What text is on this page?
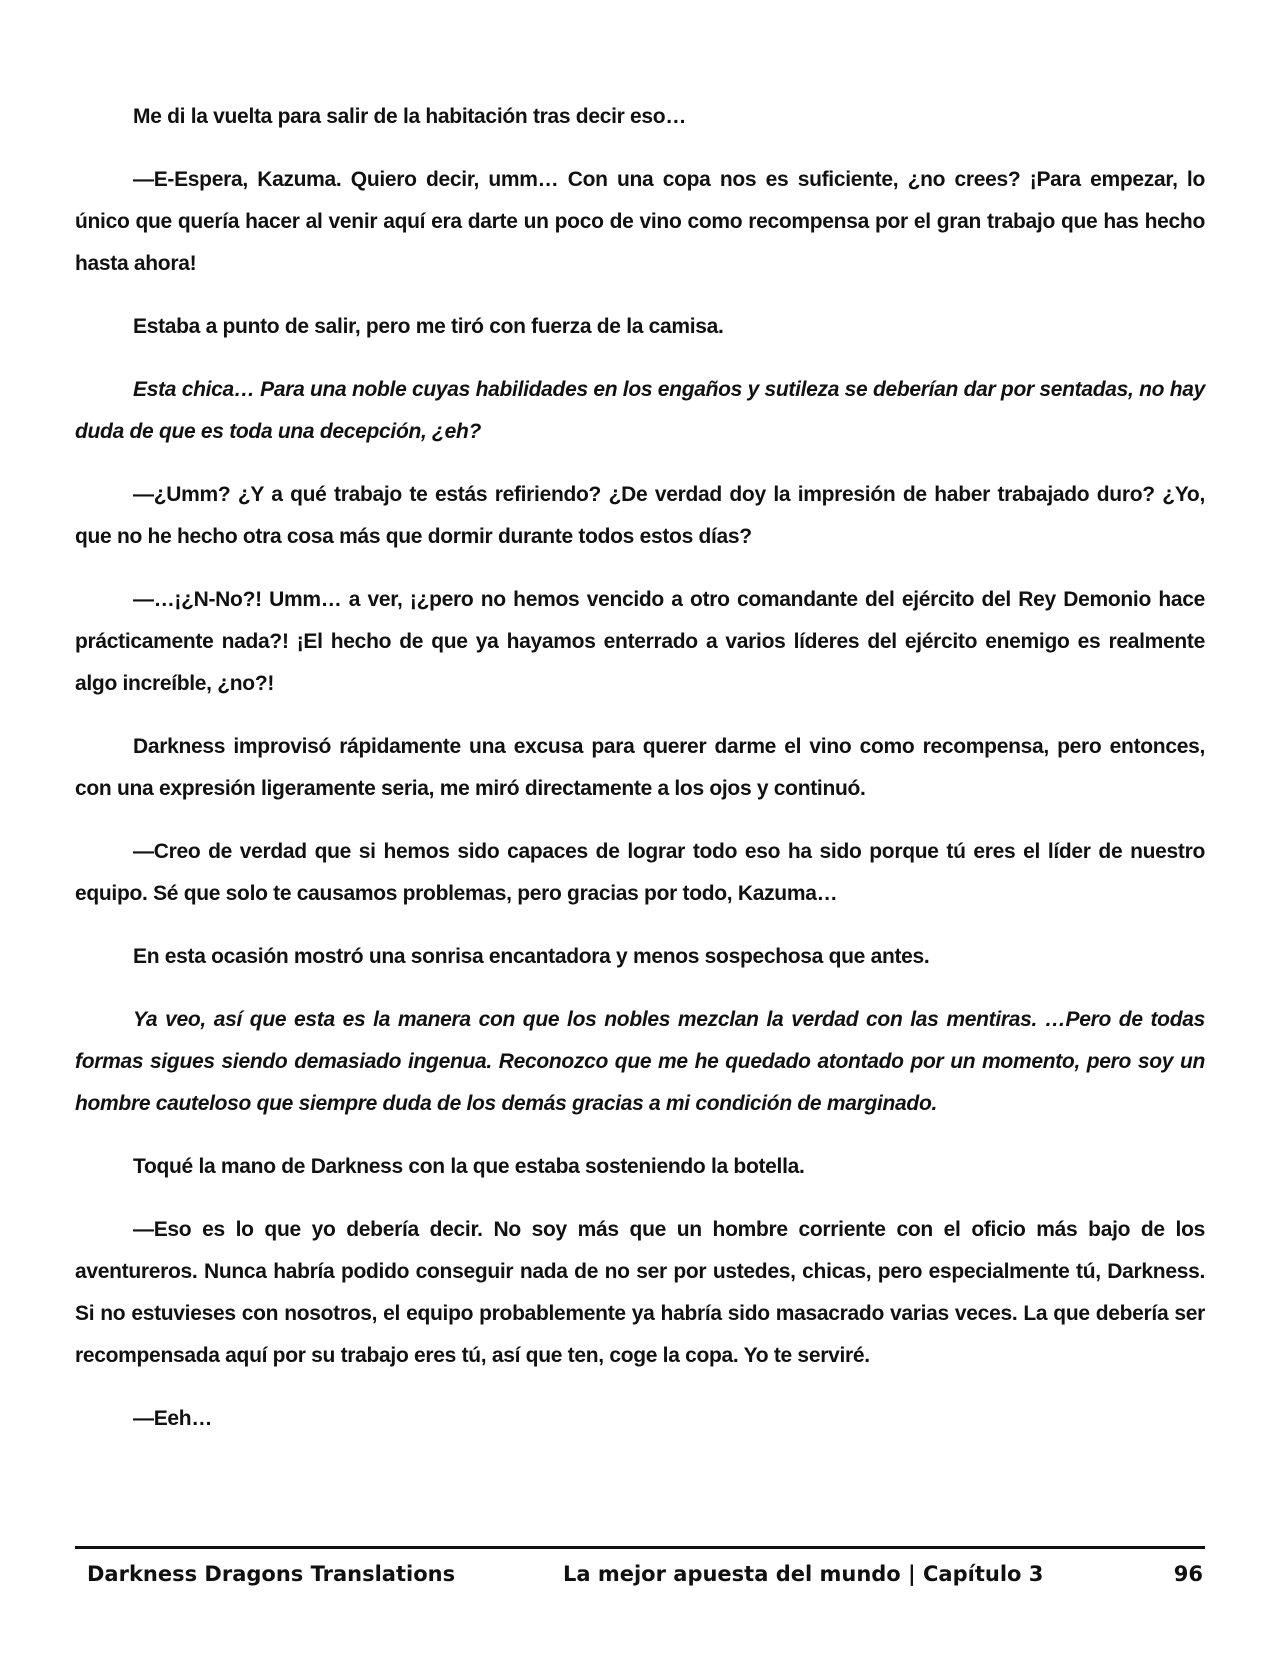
Me di la vuelta para salir de la habitación tras decir eso…

—E-Espera, Kazuma. Quiero decir, umm… Con una copa nos es suficiente, ¿no crees? ¡Para empezar, lo único que quería hacer al venir aquí era darte un poco de vino como recompensa por el gran trabajo que has hecho hasta ahora!

Estaba a punto de salir, pero me tiró con fuerza de la camisa.

Esta chica… Para una noble cuyas habilidades en los engaños y sutileza se deberían dar por sentadas, no hay duda de que es toda una decepción, ¿eh?

—¿Umm? ¿Y a qué trabajo te estás refiriendo? ¿De verdad doy la impresión de haber trabajado duro? ¿Yo, que no he hecho otra cosa más que dormir durante todos estos días?

—…¡¿N-No?! Umm… a ver, ¡¿pero no hemos vencido a otro comandante del ejército del Rey Demonio hace prácticamente nada?! ¡El hecho de que ya hayamos enterrado a varios líderes del ejército enemigo es realmente algo increíble, ¿no?!

Darkness improvisó rápidamente una excusa para querer darme el vino como recompensa, pero entonces, con una expresión ligeramente seria, me miró directamente a los ojos y continuó.

—Creo de verdad que si hemos sido capaces de lograr todo eso ha sido porque tú eres el líder de nuestro equipo. Sé que solo te causamos problemas, pero gracias por todo, Kazuma…

En esta ocasión mostró una sonrisa encantadora y menos sospechosa que antes.

Ya veo, así que esta es la manera con que los nobles mezclan la verdad con las mentiras. …Pero de todas formas sigues siendo demasiado ingenua. Reconozco que me he quedado atontado por un momento, pero soy un hombre cauteloso que siempre duda de los demás gracias a mi condición de marginado.

Toqué la mano de Darkness con la que estaba sosteniendo la botella.

—Eso es lo que yo debería decir. No soy más que un hombre corriente con el oficio más bajo de los aventureros. Nunca habría podido conseguir nada de no ser por ustedes, chicas, pero especialmente tú, Darkness. Si no estuvieses con nosotros, el equipo probablemente ya habría sido masacrado varias veces. La que debería ser recompensada aquí por su trabajo eres tú, así que ten, coge la copa. Yo te serviré.

—Eeh…

Darkness Dragons Translations	La mejor apuesta del mundo | Capítulo 3	96
